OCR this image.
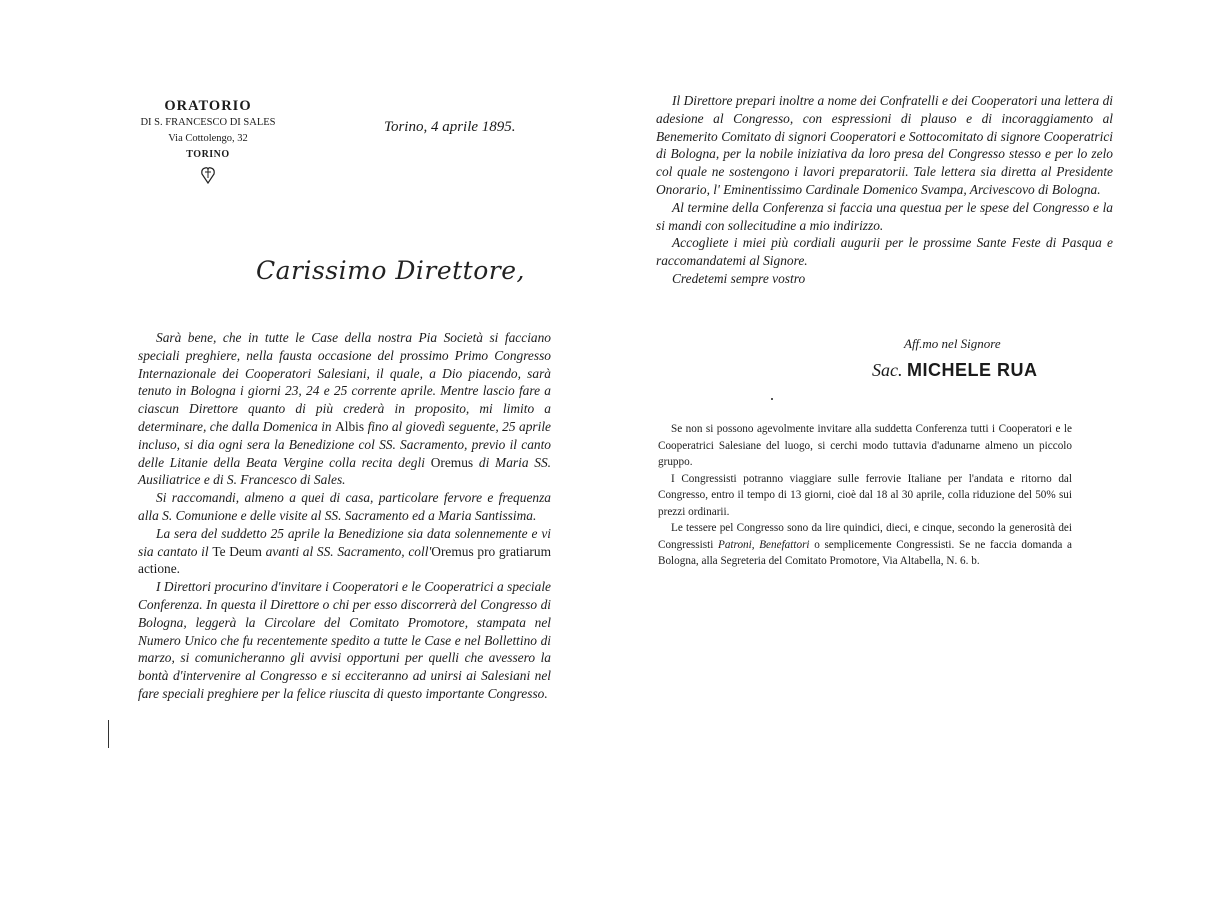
ORATORIO
DI S. FRANCESCO DI SALES
Via Cottolengo, 32
TORINO
Torino, 4 aprile 1895.
Carissimo Direttore,

Sarà bene, che in tutte le Case della nostra Pia Società si facciano speciali preghiere, nella fausta occasione del prossimo Primo Congresso Internazionale dei Cooperatori Salesiani, il quale, a Dio piacendo, sarà tenuto in Bologna i giorni 23, 24 e 25 corrente aprile. Mentre lascio fare a ciascun Direttore quanto di più crederà in proposito, mi limito a determinare, che dalla Domenica in Albis fino al giovedì seguente, 25 aprile incluso, si dia ogni sera la Benedizione col SS. Sacramento, previo il canto delle Litanie della Beata Vergine colla recita degli Oremus di Maria SS. Ausiliatrice e di S. Francesco di Sales.

Si raccomandi, almeno a quei di casa, particolare fervore e frequenza alla S. Comunione e delle visite al SS. Sacramento ed a Maria Santissima.

La sera del suddetto 25 aprile la Benedizione sia data solennemente e vi sia cantato il Te Deum avanti al SS. Sacramento, coll'Oremus pro gratiarum actione.

I Direttori procurino d'invitare i Cooperatori e le Cooperatrici a speciale Conferenza. In questa il Direttore o chi per esso discorrerà del Congresso di Bologna, leggerà la Circolare del Comitato Promotore, stampata nel Numero Unico che fu recentemente spedito a tutte le Case e nel Bollettino di marzo, si comunicheranno gli avvisi opportuni per quelli che avessero la bontà d'intervenire al Congresso e si ecciteranno ad unirsi ai Salesiani nel fare speciali preghiere per la felice riuscita di questo importante Congresso.

Il Direttore prepari inoltre a nome dei Confratelli e dei Cooperatori una lettera di adesione al Congresso, con espressioni di plauso e di incoraggiamento al Benemerito Comitato di signori Cooperatori e Sottocomitato di signore Cooperatrici di Bologna, per la nobile iniziativa da loro presa del Congresso stesso e per lo zelo col quale ne sostengono i lavori preparatorii. Tale lettera sia diretta al Presidente Onorario, l' Eminentissimo Cardinale Domenico Svampa, Arcivescovo di Bologna.

Al termine della Conferenza si faccia una questua per le spese del Congresso e la si mandi con sollecitudine a mio indirizzo.

Accogliete i miei più cordiali augurii per le prossime Sante Feste di Pasqua e raccomandatemi al Signore.

Credetemi sempre vostro

Aff.mo nel Signore
Sac. MICHELE RUA

Se non si possono agevolmente invitare alla suddetta Conferenza tutti i Cooperatori e le Cooperatrici Salesiane del luogo, si cerchi modo tuttavia d'adunarne almeno un piccolo gruppo.

I Congressisti potranno viaggiare sulle ferrovie Italiane per l'andata e ritorno dal Congresso, entro il tempo di 13 giorni, cioè dal 18 al 30 aprile, colla riduzione del 50% sui prezzi ordinarii.

Le tessere pel Congresso sono da lire quindici, dieci, e cinque, secondo la generosità dei Congressisti Patroni, Benefattori o semplicemente Congressisti. Se ne faccia domanda a Bologna, alla Segreteria del Comitato Promotore, Via Altabella, N. 6. b.
